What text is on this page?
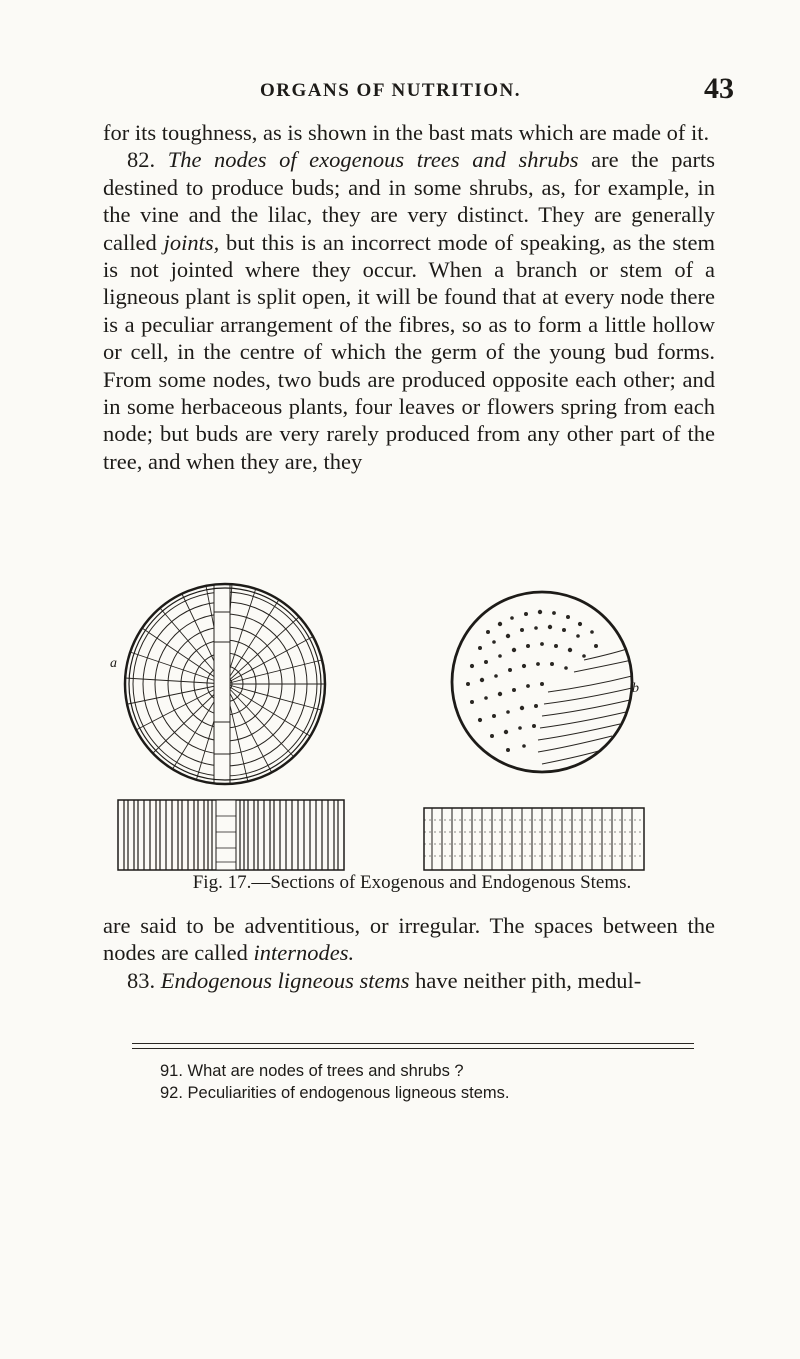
ORGANS OF NUTRITION.	43

for its toughness, as is shown in the bast mats which are made of it.

82. The nodes of exogenous trees and shrubs are the parts destined to produce buds; and in some shrubs, as, for example, in the vine and the lilac, they are very distinct. They are generally called joints, but this is an incorrect mode of speaking, as the stem is not jointed where they occur. When a branch or stem of a ligneous plant is split open, it will be found that at every node there is a peculiar arrangement of the fibres, so as to form a little hollow or cell, in the centre of which the germ of the young bud forms. From some nodes, two buds are produced opposite each other; and in some herbaceous plants, four leaves or flowers spring from each node; but buds are very rarely produced from any other part of the tree, and when they are, they

a
b
Fig. 17.—Sections of Exogenous and Endogenous Stems.

are said to be adventitious, or irregular. The spaces between the nodes are called internodes.

83. Endogenous ligneous stems have neither pith, medul-

91. What are nodes of trees and shrubs ?

92. Peculiarities of endogenous ligneous stems.
